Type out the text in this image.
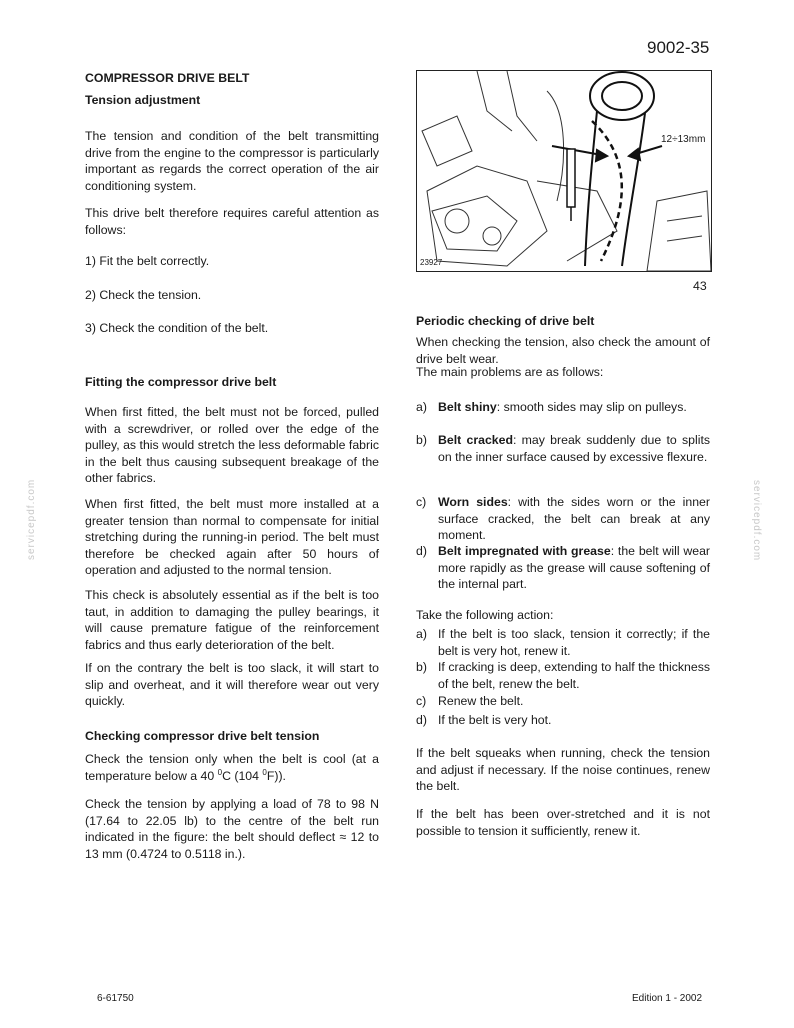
9002-35
COMPRESSOR DRIVE BELT
Tension adjustment
The tension and condition of the belt transmitting drive from the engine to the compressor is particularly important as regards the correct operation of the air conditioning system.
This drive belt therefore requires careful attention as follows:
1) Fit the belt correctly.
2) Check the tension.
3) Check the condition of the belt.
Fitting the compressor drive belt
When first fitted, the belt must not be forced, pulled with a screwdriver, or rolled over the edge of the pulley, as this would stretch the less deformable fabric in the belt thus causing subsequent breakage of the other fabrics.
When first fitted, the belt must more installed at a greater tension than normal to compensate for initial stretching during the running-in period. The belt must therefore be checked again after 50 hours of operation and adjusted to the normal tension.
This check is absolutely essential as if the belt is too taut, in addition to damaging the pulley bearings, it will cause premature fatigue of the reinforcement fabrics and thus early deterioration of the belt.
If on the contrary the belt is too slack, it will start to slip and overheat, and it will therefore wear out very quickly.
Checking compressor drive belt tension
Check the tension only when the belt is cool (at a temperature below a 40 $^0$C (104 $^0$F)).
Check the tension by applying a load of 78 to 98 N (17.64 to 22.05 lb) to the centre of the belt run indicated in the figure: the belt should deflect ≈ 12 to 13 mm (0.4724 to 0.5118 in.).
12÷13mm
23927
43
Periodic checking of drive belt
When checking the tension, also check the amount of drive belt wear.
The main problems are as follows:
a) Belt shiny: smooth sides may slip on pulleys.
b) Belt cracked: may break suddenly due to splits on the inner surface caused by excessive flexure.
c) Worn sides: with the sides worn or the inner surface cracked, the belt can break at any moment.
d) Belt impregnated with grease: the belt will wear more rapidly as the grease will cause softening of the internal part.
Take the following action:
a) If the belt is too slack, tension it correctly; if the belt is very hot, renew it.
b) If cracking is deep, extending to half the thickness of the belt, renew the belt.
c) Renew the belt.
d) If the belt is very hot.
If the belt squeaks when running, check the tension and adjust if necessary. If the noise continues, renew the belt.
If the belt has been over-stretched and it is not possible to tension it sufficiently, renew it.
servicepdf.com	servicepdf.com
6-61750	Edition 1 - 2002
